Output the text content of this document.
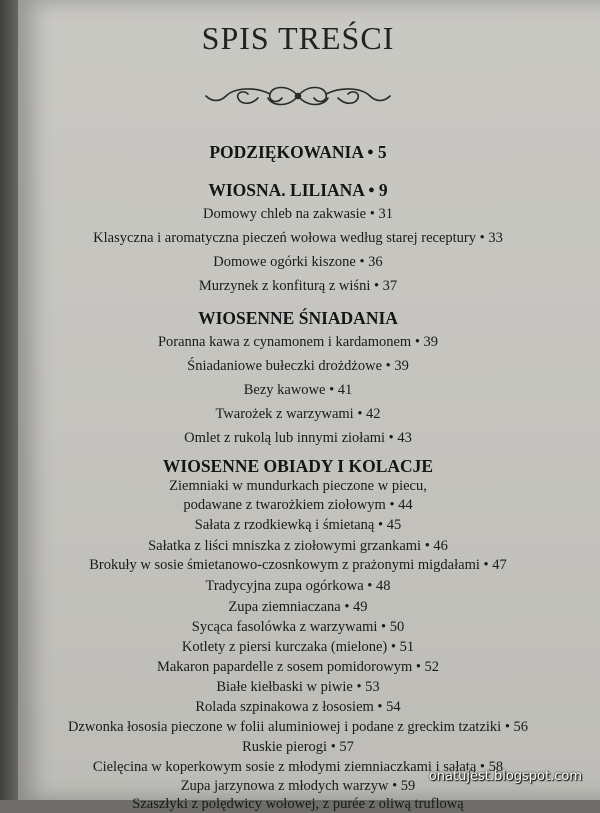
SPIS TREŚCI
PODZIĘKOWANIA • 5
WIOSNA. LILIANA • 9
Domowy chleb na zakwasie • 31
Klasyczna i aromatyczna pieczeń wołowa według starej receptury • 33
Domowe ogórki kiszone • 36
Murzynek z konfiturą z wiśni • 37
WIOSENNE ŚNIADANIA
Poranna kawa z cynamonem i kardamonem • 39
Śniadaniowe bułeczki drożdżowe • 39
Bezy kawowe • 41
Twarożek z warzywami • 42
Omlet z rukolą lub innymi ziołami • 43
WIOSENNE OBIADY I KOLACJE
Ziemniaki w mundurkach pieczone w piecu,
podawane z twarożkiem ziołowym • 44
Sałata z rzodkiewką i śmietaną • 45
Sałatka z liści mniszka z ziołowymi grzankami • 46
Brokuły w sosie śmietanowo-czosnkowym z prażonymi migdałami • 47
Tradycyjna zupa ogórkowa • 48
Zupa ziemniaczana • 49
Sycąca fasolówka z warzywami • 50
Kotlety z piersi kurczaka (mielone) • 51
Makaron papardelle z sosem pomidorowym • 52
Białe kiełbaski w piwie • 53
Rolada szpinakowa z łososiem • 54
Dzwonka łososia pieczone w folii aluminiowej i podane z greckim tzatziki • 56
Ruskie pierogi • 57
Cielęcina w koperkowym sosie z młodymi ziemniaczkami i sałatą • 58
Zupa jarzynowa z młodych warzyw • 59
Szaszłyki z polędwicy wołowej, z purée z oliwą truflową
onatujest.blogspot.com
